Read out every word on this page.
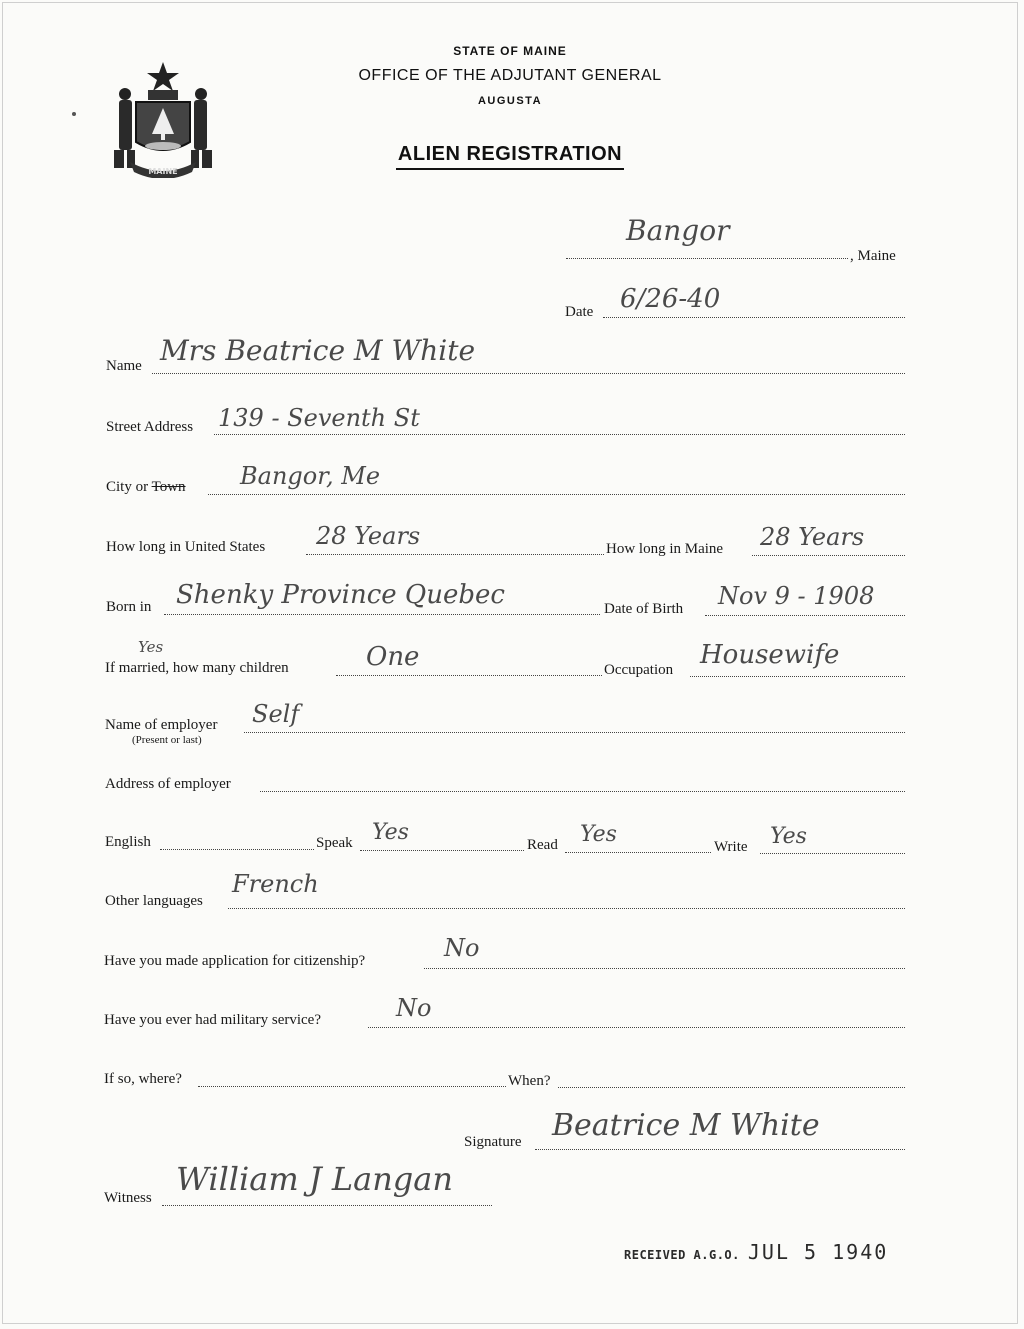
MAINE
STATE OF MAINE
OFFICE OF THE ADJUTANT GENERAL
AUGUSTA
ALIEN REGISTRATION
Bangor
, Maine
Date 6/26-40
Name Mrs Beatrice M White
Street Address 139 - Seventh St
City or Town Bangor, Me
How long in United States 28 Years	How long in Maine 28 Years
Born in Shenky Province Quebec	Date of Birth Nov 9 - 1908
Yes
If married, how many children	One	Occupation Housewife
Name of employer
(Present or last)
Self
Address of employer
English	Speak Yes	Read Yes	Write Yes
Other languages
French
Have you made application for citizenship?	No
Have you ever had military service?	No
If so, where?	When?
Signature Beatrice M White
Witness William J Langan
RECEIVED A.G.O. JUL 5 1940
